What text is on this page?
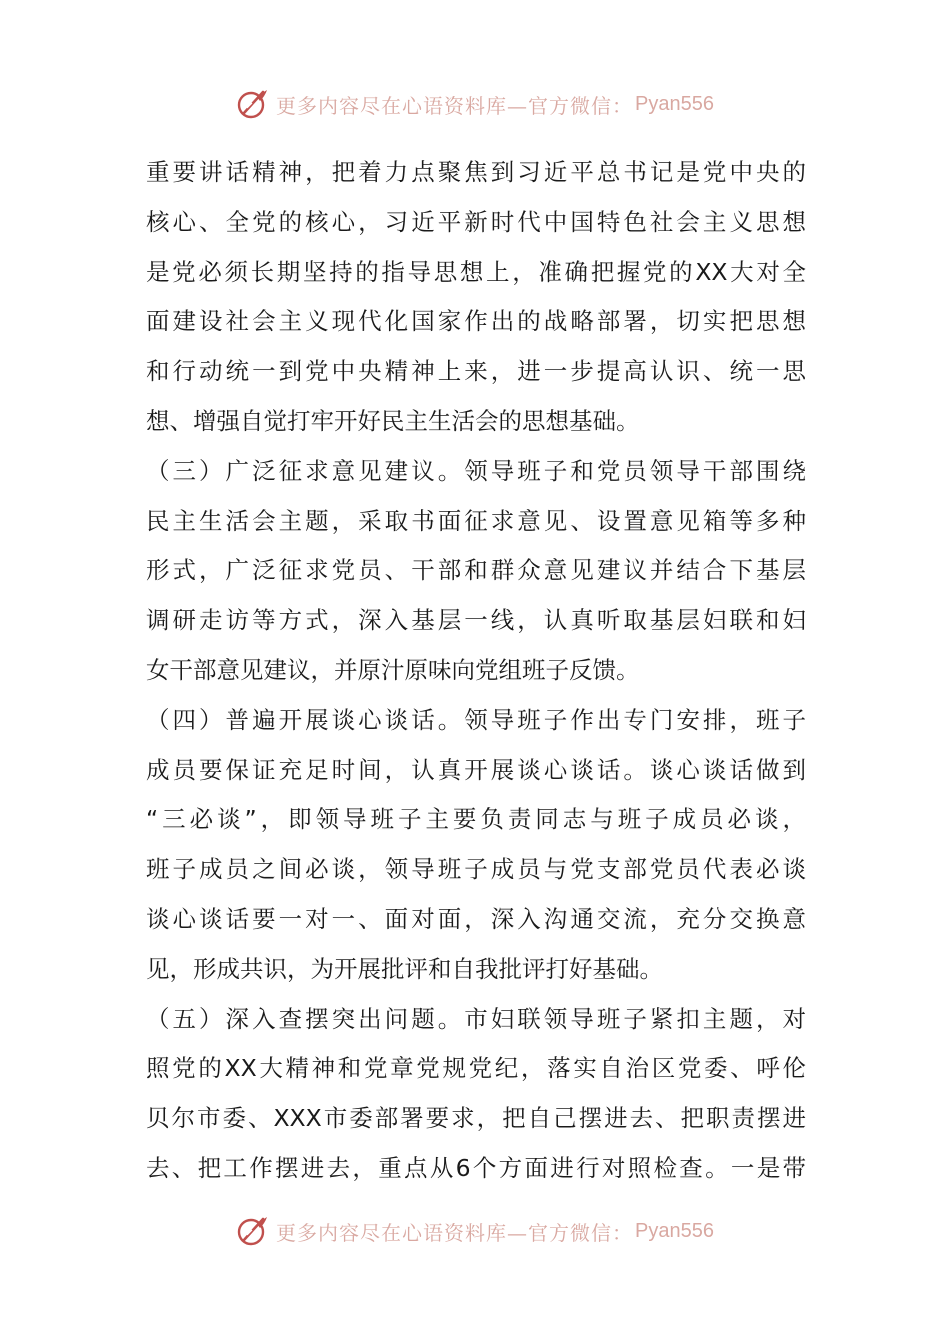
更多内容尽在心语资料库—官方微信： Pyan556
重要讲话精神，把着力点聚焦到习近平总书记是党中央的
核心、全党的核心，习近平新时代中国特色社会主义思想
是党必须长期坚持的指导思想上，准确把握党的XX大对全
面建设社会主义现代化国家作出的战略部署，切实把思想
和行动统一到党中央精神上来，进一步提高认识、统一思
想、增强自觉打牢开好民主生活会的思想基础。
（三）广泛征求意见建议。领导班子和党员领导干部围绕
民主生活会主题，采取书面征求意见、设置意见箱等多种
形式，广泛征求党员、干部和群众意见建议并结合下基层
调研走访等方式，深入基层一线，认真听取基层妇联和妇
女干部意见建议，并原汁原味向党组班子反馈。
（四）普遍开展谈心谈话。领导班子作出专门安排，班子
成员要保证充足时间，认真开展谈心谈话。谈心谈话做到
“三必谈”，即领导班子主要负责同志与班子成员必谈，
班子成员之间必谈，领导班子成员与党支部党员代表必谈
谈心谈话要一对一、面对面，深入沟通交流，充分交换意
见，形成共识，为开展批评和自我批评打好基础。
（五）深入查摆突出问题。市妇联领导班子紧扣主题，对
照党的XX大精神和党章党规党纪，落实自治区党委、呼伦
贝尔市委、XXX市委部署要求，把自己摆进去、把职责摆进
去、把工作摆进去，重点从6个方面进行对照检查。一是带
更多内容尽在心语资料库—官方微信： Pyan556
